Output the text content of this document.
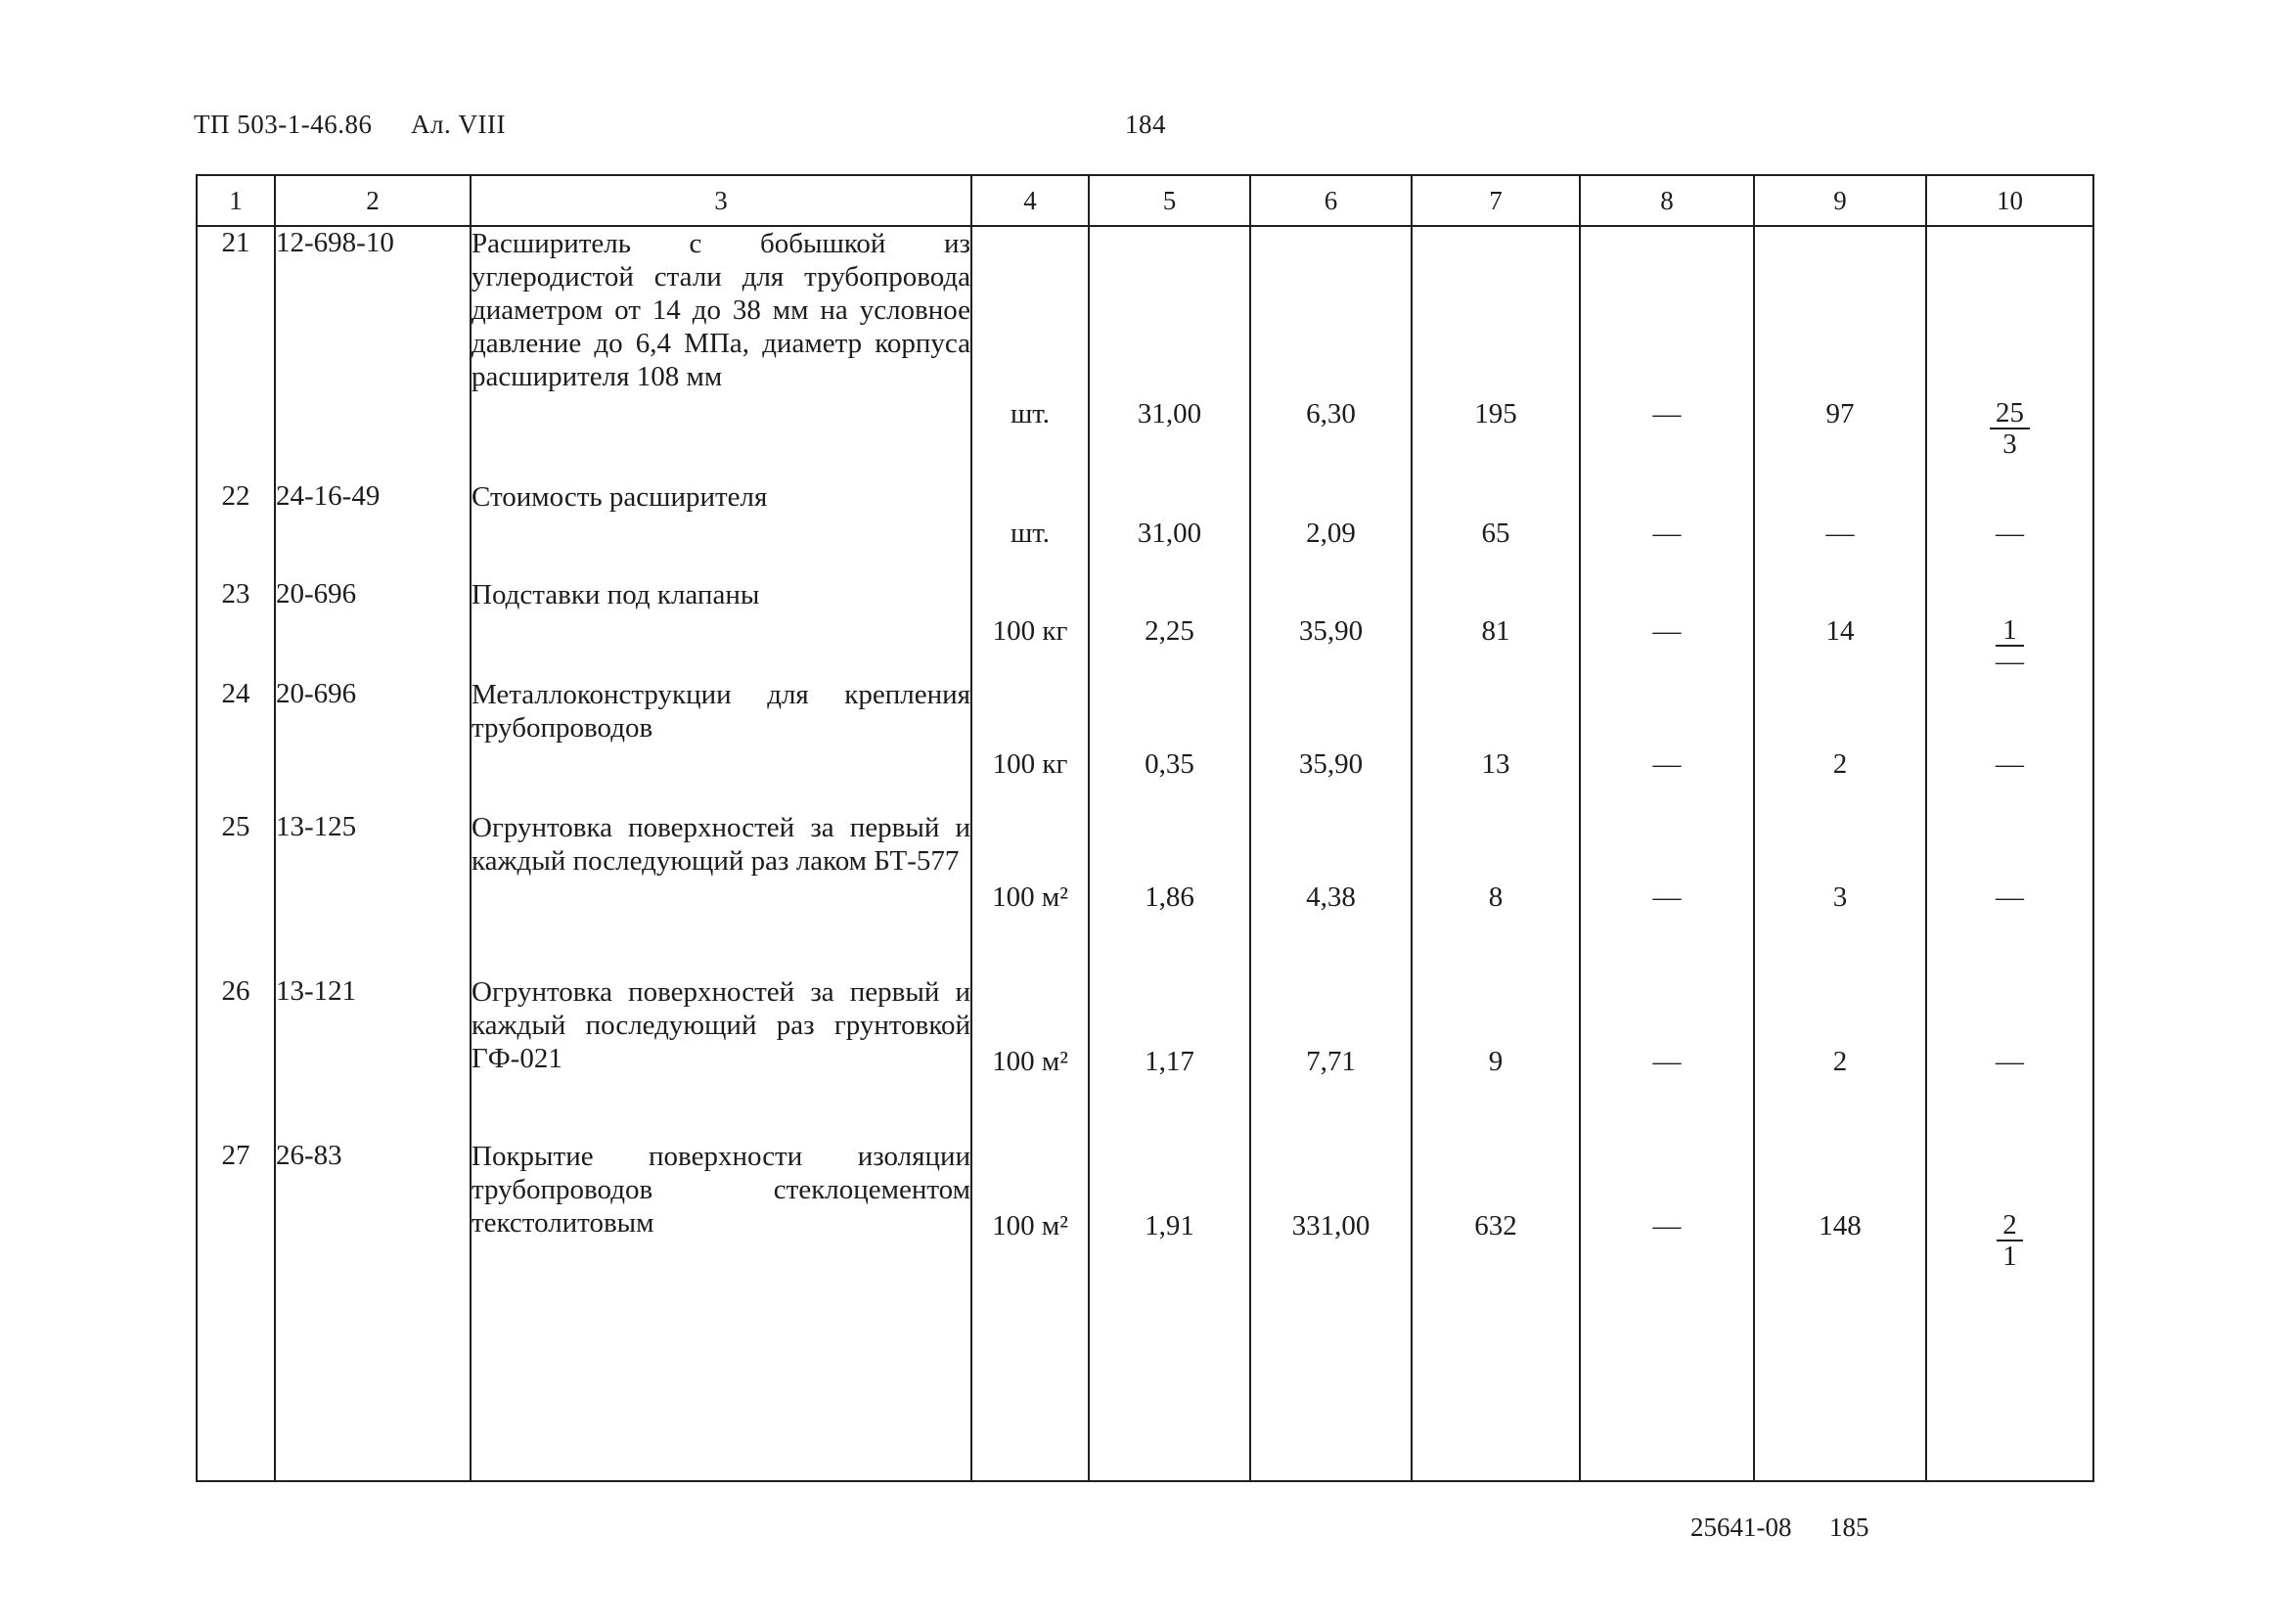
ТП 503-1-46.86 Ал. VIII	184
1	2	3	4	5	6	7	8	9	10
21	12-698-10	Расширитель с бобышкой из углеродистой стали для трубопровода диаметром от 14 до 38 мм на условное давление до 6,4 МПа, диаметр корпуса расширителя 108 мм	шт.	31,00	6,30	195	—	97	$\frac{25}{3}$

22	24-16-49	Стоимость расширителя	шт.	31,00	2,09	65	—	—	—
23	20-696	Подставки под клапаны	100 кг	2,25	35,90	81	—	14	$\frac{1}{—}$

24	20-696	Металлоконструкции для крепления трубопроводов	100 кг	0,35	35,90	13	—	2	—
25	13-125	Огрунтовка поверхностей за первый и каждый последующий раз лаком БТ-577	100 м²	1,86	4,38	8	—	3	—
26	13-121	Огрунтовка поверхностей за первый и каждый последующий раз грунтовкой ГФ-021	100 м²	1,17	7,71	9	—	2	—
27	26-83	Покрытие поверхности изоляции трубопроводов стеклоцементом текстолитовым	100 м²	1,91	331,00	632	—	148	$\frac{2}{1}$
25641-08 185
